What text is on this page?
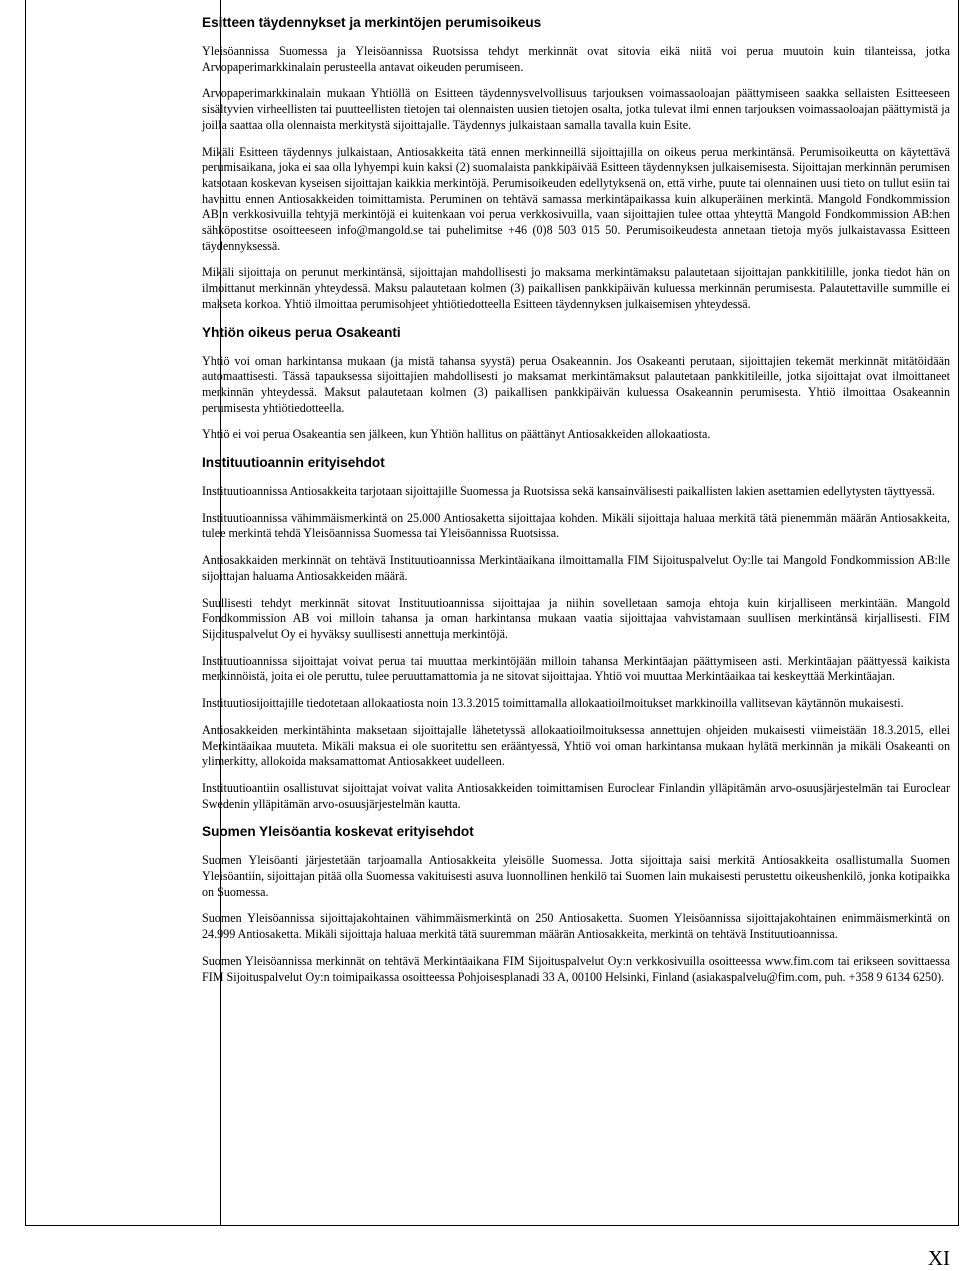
Esitteen täydennykset ja merkintöjen perumisoikeus

Yleisöannissa Suomessa ja Yleisöannissa Ruotsissa tehdyt merkinnät ovat sitovia eikä niitä voi perua muutoin kuin tilanteissa, jotka Arvopaperimarkkinalain perusteella antavat oikeuden perumiseen.

Arvopaperimarkkinalain mukaan Yhtiöllä on Esitteen täydennysvelvollisuus tarjouksen voimassaoloajan päättymiseen saakka sellaisten Esitteeseen sisältyvien virheellisten tai puutteellisten tietojen tai olennaisten uusien tietojen osalta, jotka tulevat ilmi ennen tarjouksen voimassaoloajan päättymistä ja joilla saattaa olla olennaista merkitystä sijoittajalle. Täydennys julkaistaan samalla tavalla kuin Esite.

Mikäli Esitteen täydennys julkaistaan, Antiosakkeita tätä ennen merkinneillä sijoittajilla on oikeus perua merkintänsä. Perumisoikeutta on käytettävä perumisaikana, joka ei saa olla lyhyempi kuin kaksi (2) suomalaista pankkipäivää Esitteen täydennyksen julkaisemisesta. Sijoittajan merkinnän perumisen katsotaan koskevan kyseisen sijoittajan kaikkia merkintöjä. Perumisoikeuden edellytyksenä on, että virhe, puute tai olennainen uusi tieto on tullut esiin tai havaittu ennen Antiosakkeiden toimittamista. Peruminen on tehtävä samassa merkintäpaikassa kuin alkuperäinen merkintä. Mangold Fondkommission AB:n verkkosivuilla tehtyjä merkintöjä ei kuitenkaan voi perua verkkosivuilla, vaan sijoittajien tulee ottaa yhteyttä Mangold Fondkommission AB:hen sähköpostitse osoitteeseen info@mangold.se tai puhelimitse +46 (0)8 503 015 50. Perumisoikeudesta annetaan tietoja myös julkaistavassa Esitteen täydennyksessä.

Mikäli sijoittaja on perunut merkintänsä, sijoittajan mahdollisesti jo maksama merkintämaksu palautetaan sijoittajan pankkitilille, jonka tiedot hän on ilmoittanut merkinnän yhteydessä. Maksu palautetaan kolmen (3) paikallisen pankkipäivän kuluessa merkinnän perumisesta. Palautettaville summille ei makseta korkoa. Yhtiö ilmoittaa perumisohjeet yhtiötiedotteella Esitteen täydennyksen julkaisemisen yhteydessä.

Yhtiön oikeus perua Osakeanti

Yhtiö voi oman harkintansa mukaan (ja mistä tahansa syystä) perua Osakeannin. Jos Osakeanti perutaan, sijoittajien tekemät merkinnät mitätöidään automaattisesti. Tässä tapauksessa sijoittajien mahdollisesti jo maksamat merkintämaksut palautetaan pankkitileille, jotka sijoittajat ovat ilmoittaneet merkinnän yhteydessä. Maksut palautetaan kolmen (3) paikallisen pankkipäivän kuluessa Osakeannin perumisesta. Yhtiö ilmoittaa Osakeannin perumisesta yhtiötiedotteella.

Yhtiö ei voi perua Osakeantia sen jälkeen, kun Yhtiön hallitus on päättänyt Antiosakkeiden allokaatiosta.

Instituutioannin erityisehdot

Instituutioannissa Antiosakkeita tarjotaan sijoittajille Suomessa ja Ruotsissa sekä kansainvälisesti paikallisten lakien asettamien edellytysten täyttyessä.

Instituutioannissa vähimmäismerkintä on 25.000 Antiosaketta sijoittajaa kohden. Mikäli sijoittaja haluaa merkitä tätä pienemmän määrän Antiosakkeita, tulee merkintä tehdä Yleisöannissa Suomessa tai Yleisöannissa Ruotsissa.

Antiosakkaiden merkinnät on tehtävä Instituutioannissa Merkintäaikana ilmoittamalla FIM Sijoituspalvelut Oy:lle tai Mangold Fondkommission AB:lle sijoittajan haluama Antiosakkeiden määrä.

Suullisesti tehdyt merkinnät sitovat Instituutioannissa sijoittajaa ja niihin sovelletaan samoja ehtoja kuin kirjalliseen merkintään. Mangold Fondkommission AB voi milloin tahansa ja oman harkintansa mukaan vaatia sijoittajaa vahvistamaan suullisen merkintänsä kirjallisesti. FIM Sijoituspalvelut Oy ei hyväksy suullisesti annettuja merkintöjä.

Instituutioannissa sijoittajat voivat perua tai muuttaa merkintöjään milloin tahansa Merkintäajan päättymiseen asti. Merkintäajan päättyessä kaikista merkinnöistä, joita ei ole peruttu, tulee peruuttamattomia ja ne sitovat sijoittajaa. Yhtiö voi muuttaa Merkintäaikaa tai keskeyttää Merkintäajan.

Instituutiosijoittajille tiedotetaan allokaatiosta noin 13.3.2015 toimittamalla allokaatioilmoitukset markkinoilla vallitsevan käytännön mukaisesti.

Antiosakkeiden merkintähinta maksetaan sijoittajalle lähetetyssä allokaatioilmoituksessa annettujen ohjeiden mukaisesti viimeistään 18.3.2015, ellei Merkintäaikaa muuteta. Mikäli maksua ei ole suoritettu sen erääntyessä, Yhtiö voi oman harkintansa mukaan hylätä merkinnän ja mikäli Osakeanti on ylimerkitty, allokoida maksamattomat Antiosakkeet uudelleen.

Instituutioantiin osallistuvat sijoittajat voivat valita Antiosakkeiden toimittamisen Euroclear Finlandin ylläpitämän arvo-osuusjärjestelmän tai Euroclear Swedenin ylläpitämän arvo-osuusjärjestelmän kautta.

Suomen Yleisöantia koskevat erityisehdot

Suomen Yleisöanti järjestetään tarjoamalla Antiosakkeita yleisölle Suomessa. Jotta sijoittaja saisi merkitä Antiosakkeita osallistumalla Suomen Yleisöantiin, sijoittajan pitää olla Suomessa vakituisesti asuva luonnollinen henkilö tai Suomen lain mukaisesti perustettu oikeushenkilö, jonka kotipaikka on Suomessa.

Suomen Yleisöannissa sijoittajakohtainen vähimmäismerkintä on 250 Antiosaketta. Suomen Yleisöannissa sijoittajakohtainen enimmäismerkintä on 24.999 Antiosaketta. Mikäli sijoittaja haluaa merkitä tätä suuremman määrän Antiosakkeita, merkintä on tehtävä Instituutioannissa.

Suomen Yleisöannissa merkinnät on tehtävä Merkintäaikana FIM Sijoituspalvelut Oy:n verkkosivuilla osoitteessa www.fim.com tai erikseen sovittaessa FIM Sijoituspalvelut Oy:n toimipaikassa osoitteessa Pohjoisesplanadi 33 A, 00100 Helsinki, Finland (asiakaspalvelu@fim.com, puh. +358 9 6134 6250).

XI
